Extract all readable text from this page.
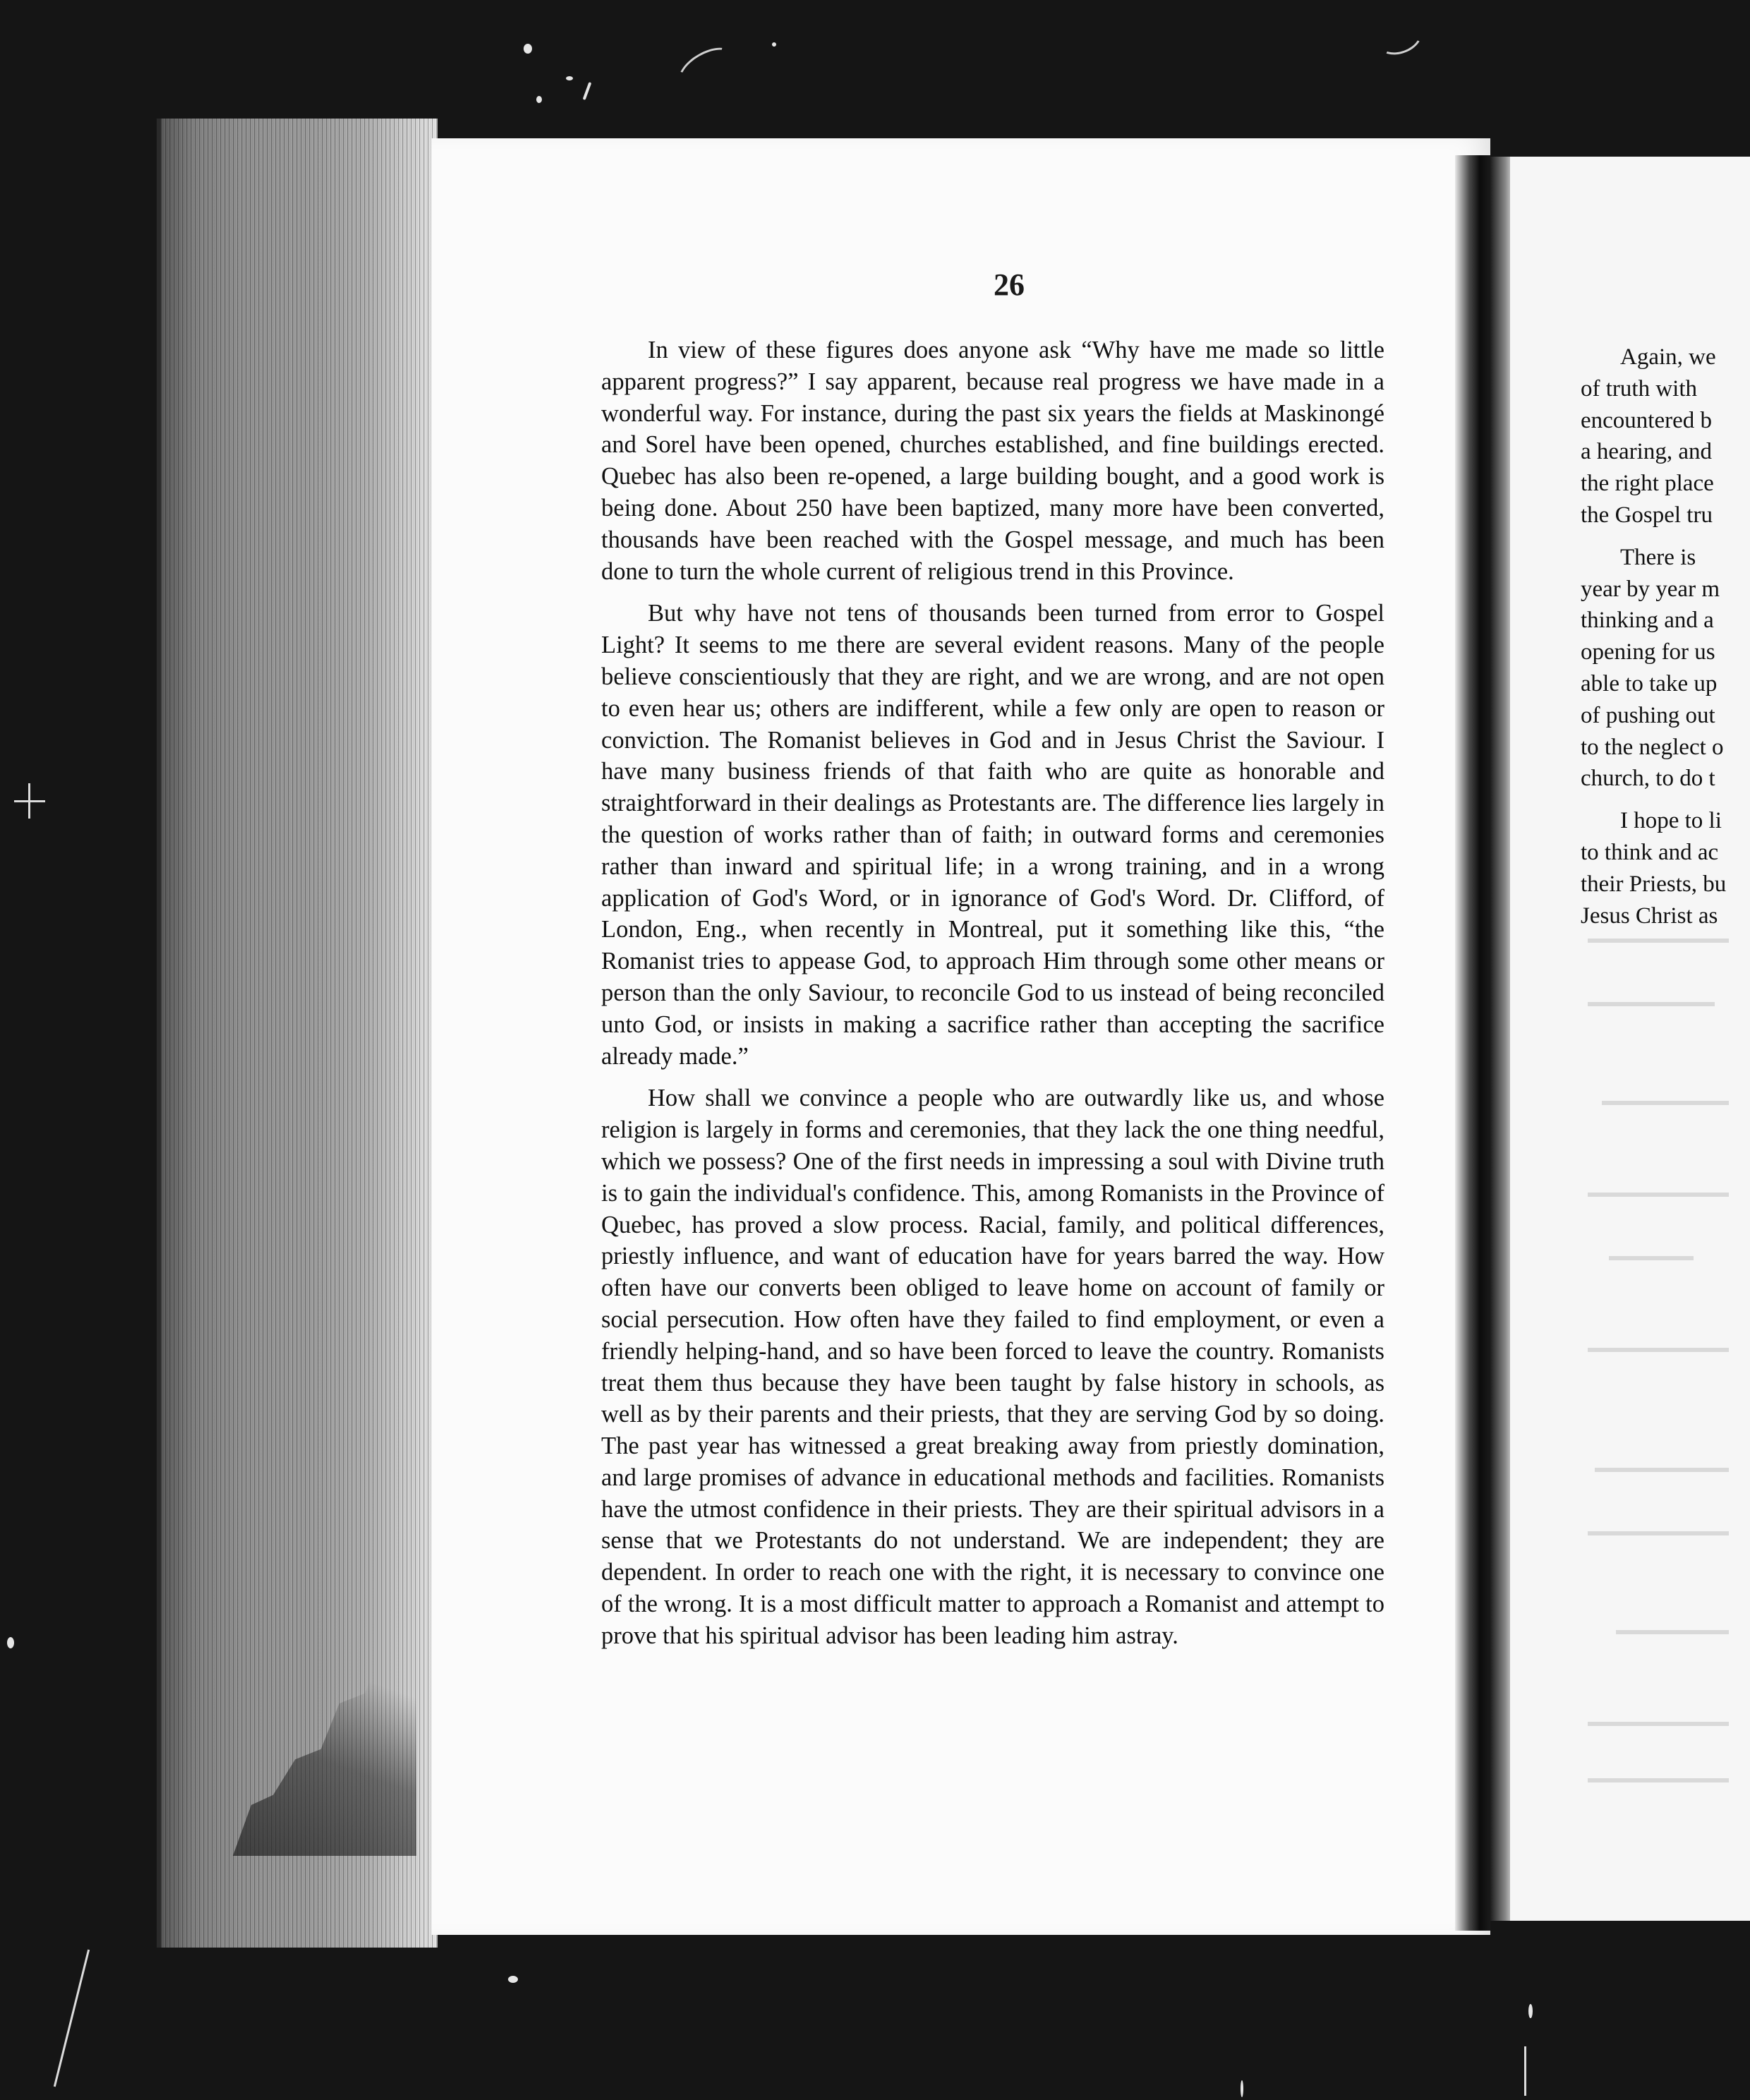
26

In view of these figures does anyone ask “Why have me made so little apparent progress?” I say apparent, because real progress we have made in a wonderful way. For instance, during the past six years the fields at Maskinongé and Sorel have been opened, churches established, and fine buildings erected. Quebec has also been re-opened, a large building bought, and a good work is being done. About 250 have been baptized, many more have been converted, thousands have been reached with the Gospel message, and much has been done to turn the whole current of religious trend in this Province.

But why have not tens of thousands been turned from error to Gospel Light? It seems to me there are several evident reasons. Many of the people believe conscientiously that they are right, and we are wrong, and are not open to even hear us; others are indifferent, while a few only are open to reason or conviction. The Romanist believes in God and in Jesus Christ the Saviour. I have many business friends of that faith who are quite as honorable and straightforward in their dealings as Protestants are. The difference lies largely in the question of works rather than of faith; in outward forms and ceremonies rather than inward and spiritual life; in a wrong training, and in a wrong application of God's Word, or in ignorance of God's Word. Dr. Clifford, of London, Eng., when recently in Montreal, put it something like this, “the Romanist tries to appease God, to approach Him through some other means or person than the only Saviour, to reconcile God to us instead of being reconciled unto God, or insists in making a sacrifice rather than accepting the sacrifice already made.”

How shall we convince a people who are outwardly like us, and whose religion is largely in forms and ceremonies, that they lack the one thing needful, which we possess? One of the first needs in impressing a soul with Divine truth is to gain the individual's confidence. This, among Romanists in the Province of Quebec, has proved a slow process. Racial, family, and political differences, priestly influence, and want of education have for years barred the way. How often have our converts been obliged to leave home on account of family or social persecution. How often have they failed to find employment, or even a friendly helping-hand, and so have been forced to leave the country. Romanists treat them thus because they have been taught by false history in schools, as well as by their parents and their priests, that they are serving God by so doing. The past year has witnessed a great breaking away from priestly domination, and large promises of advance in educational methods and facilities. Romanists have the utmost confidence in their priests. They are their spiritual advisors in a sense that we Protestants do not understand. We are independent; they are dependent. In order to reach one with the right, it is necessary to convince one of the wrong. It is a most difficult matter to approach a Romanist and attempt to prove that his spiritual advisor has been leading him astray.

Again, we
of truth with
encountered b
a hearing, and
the right place
the Gospel tru
There is
year by year m
thinking and a
opening for us
able to take up
of pushing out
to the neglect o
church, to do t
I hope to li
to think and ac
their Priests, bu
Jesus Christ as
